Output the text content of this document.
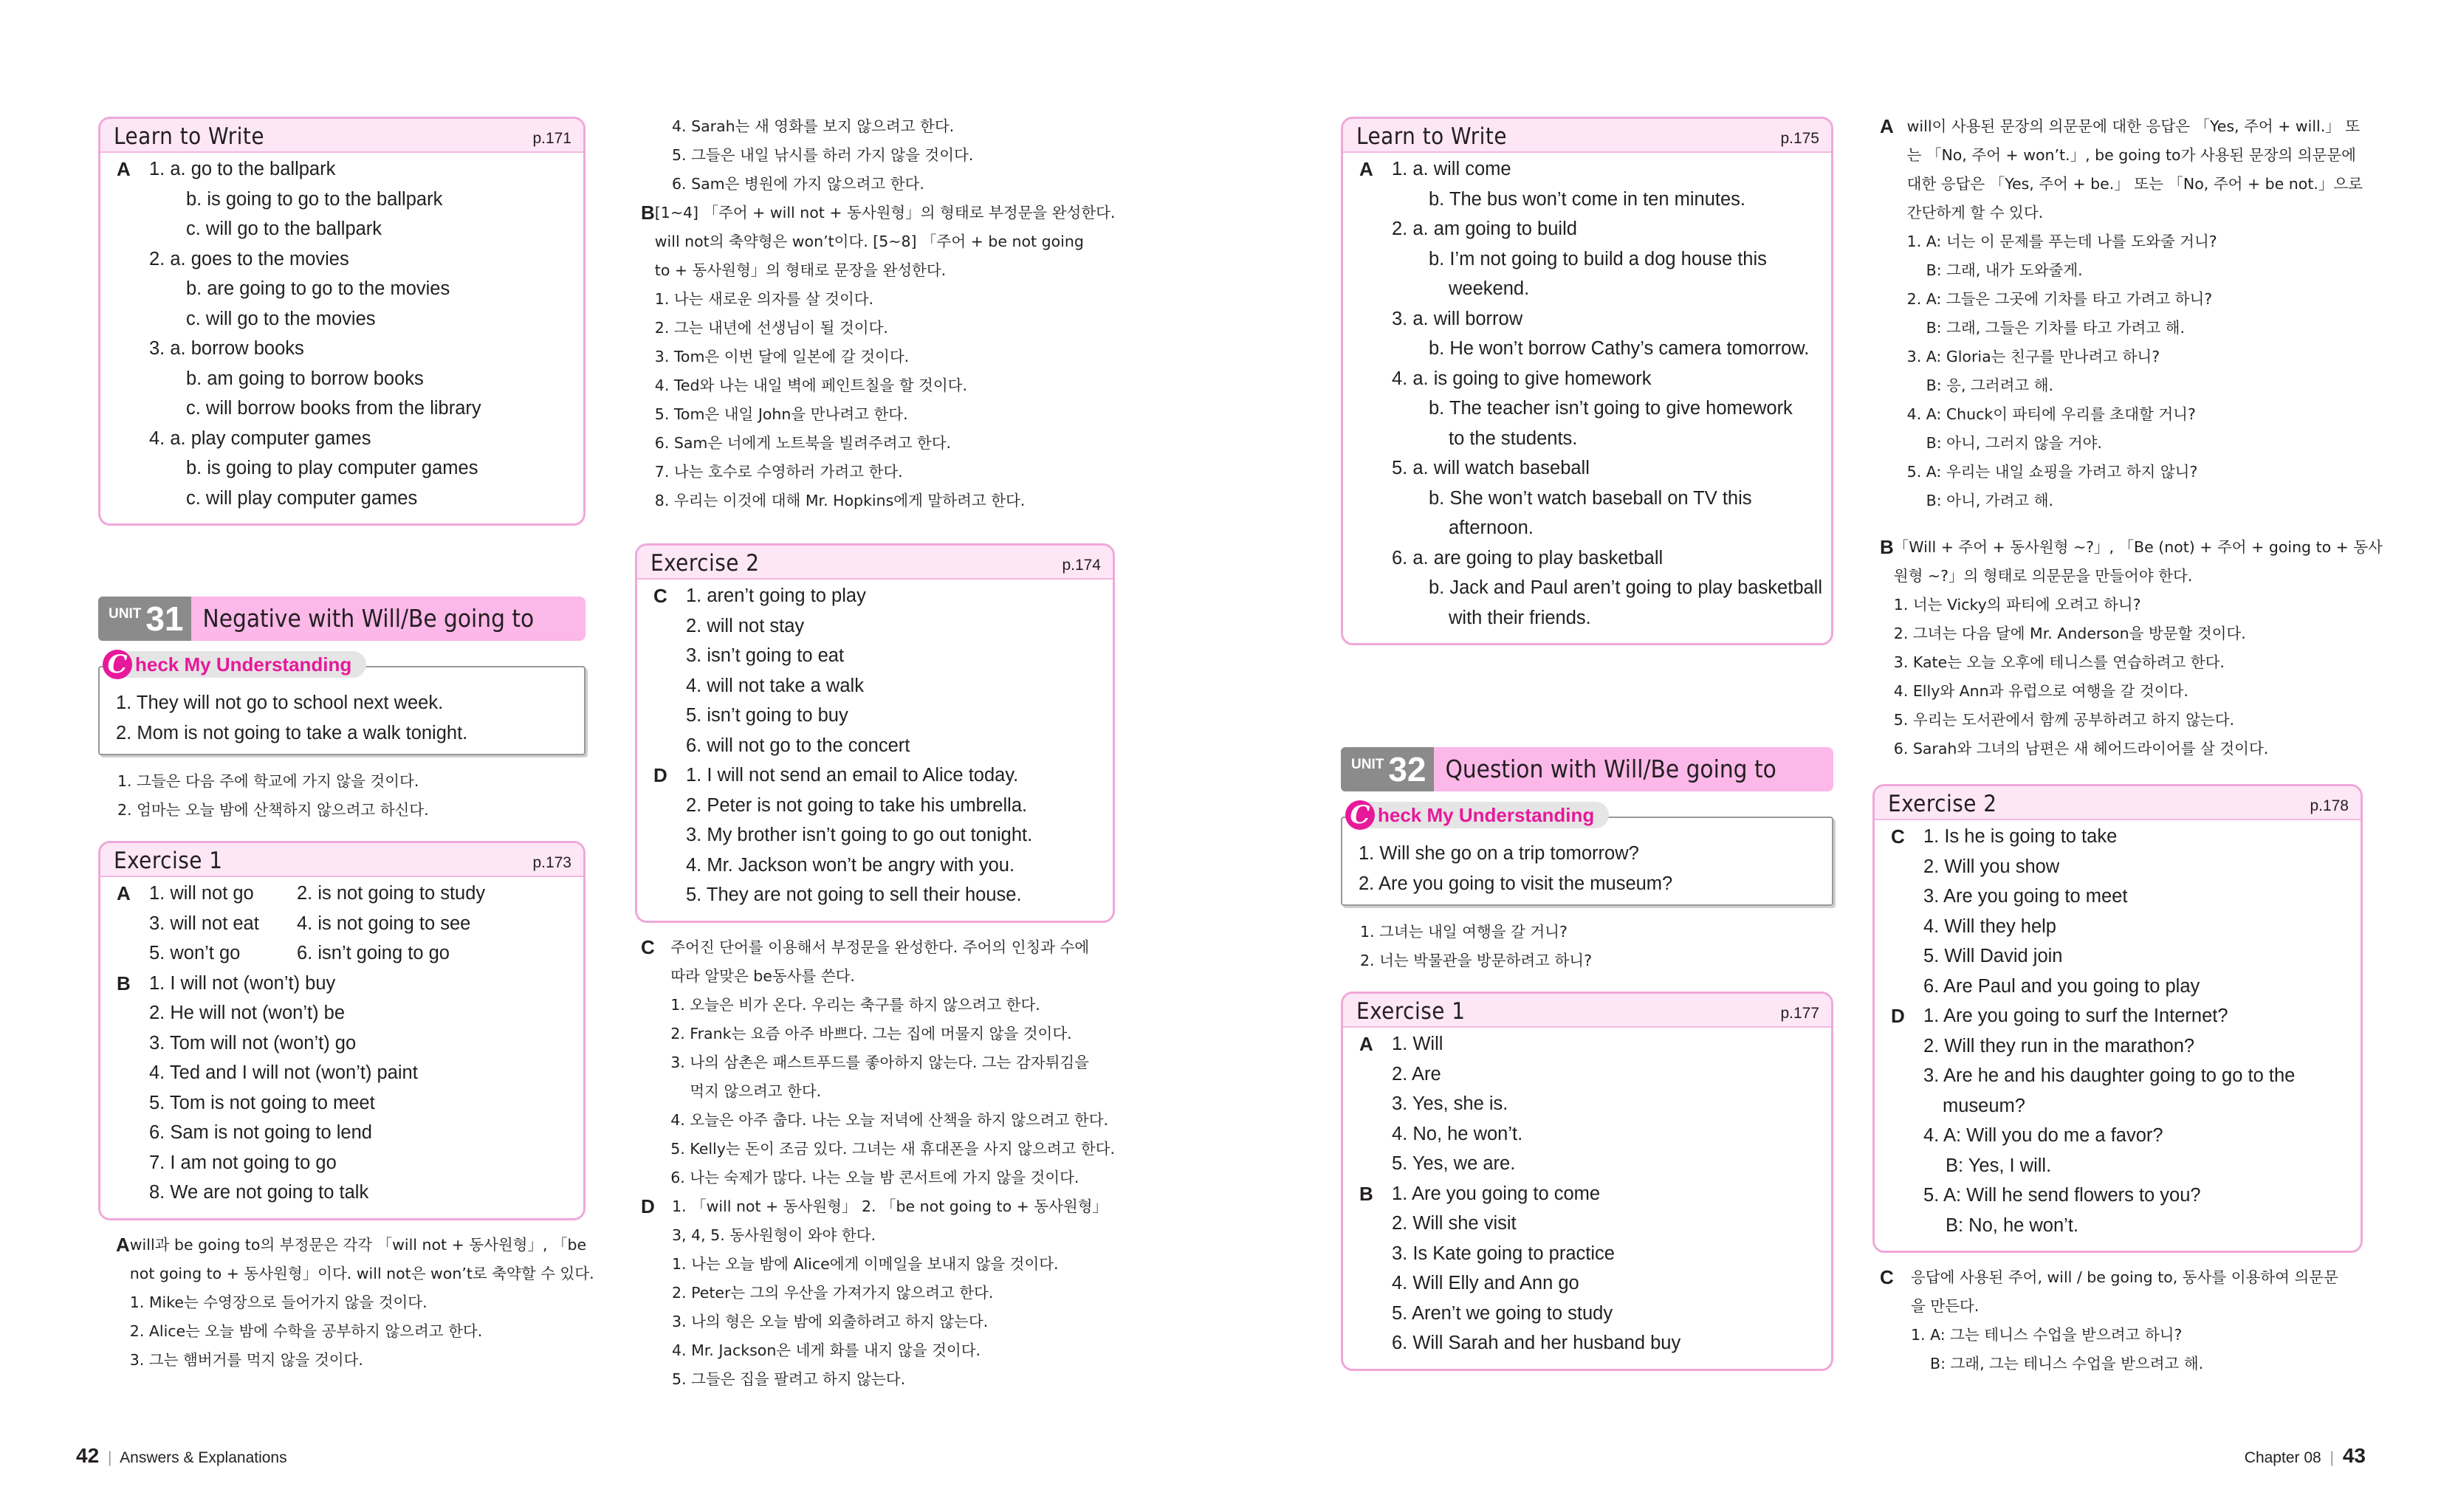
Learn to Write	p.171
A 1. a. go to the ballpark
b. is going to go to the ballpark
c. will go to the ballpark
2. a. goes to the movies
b. are going to go to the movies
c. will go to the movies
3. a. borrow books
b. am going to borrow books
c. will borrow books from the library
4. a. play computer games
b. is going to play computer games
c. will play computer games
UNIT 31 Negative with Will/Be going to
C heck My Understanding
1. They will not go to school next week.
2. Mom is not going to take a walk tonight.
1. 그들은 다음 주에 학교에 가지 않을 것이다.
2. 엄마는 오늘 밤에 산책하지 않으려고 하신다.
Exercise 1	p.173
A 1. will not go	2. is not going to study
3. will not eat	4. is not going to see
5. won’t go	6. isn’t going to go
B 1. I will not (won’t) buy
2. He will not (won’t) be
3. Tom will not (won’t) go
4. Ted and I will not (won’t) paint
5. Tom is not going to meet
6. Sam is not going to lend
7. I am not going to go
8. We are not going to talk
A will과 be going to의 부정문은 각각 「will not + 동사원형」, 「be
not going to + 동사원형」이다. will not은 won’t로 축약할 수 있다.
1. Mike는 수영장으로 들어가지 않을 것이다.
2. Alice는 오늘 밤에 수학을 공부하지 않으려고 한다.
3. 그는 햄버거를 먹지 않을 것이다.
4. Sarah는 새 영화를 보지 않으려고 한다.
5. 그들은 내일 낚시를 하러 가지 않을 것이다.
6. Sam은 병원에 가지 않으려고 한다.
B [1~4] 「주어 + will not + 동사원형」의 형태로 부정문을 완성한다.
will not의 축약형은 won’t이다. [5~8] 「주어 + be not going
to + 동사원형」의 형태로 문장을 완성한다.
1. 나는 새로운 의자를 살 것이다.
2. 그는 내년에 선생님이 될 것이다.
3. Tom은 이번 달에 일본에 갈 것이다.
4. Ted와 나는 내일 벽에 페인트칠을 할 것이다.
5. Tom은 내일 John을 만나려고 한다.
6. Sam은 너에게 노트북을 빌려주려고 한다.
7. 나는 호수로 수영하러 가려고 한다.
8. 우리는 이것에 대해 Mr. Hopkins에게 말하려고 한다.
Exercise 2	p.174
C 1. aren’t going to play
2. will not stay
3. isn’t going to eat
4. will not take a walk
5. isn’t going to buy
6. will not go to the concert
D 1. I will not send an email to Alice today.
2. Peter is not going to take his umbrella.
3. My brother isn’t going to go out tonight.
4. Mr. Jackson won’t be angry with you.
5. They are not going to sell their house.
C	주어진 단어를 이용해서 부정문을 완성한다. 주어의 인칭과 수에
따라 알맞은 be동사를 쓴다.
1. 오늘은 비가 온다. 우리는 축구를 하지 않으려고 한다.
2. Frank는 요즘 아주 바쁘다. 그는 집에 머물지 않을 것이다.
3. 나의 삼촌은 패스트푸드를 좋아하지 않는다. 그는 감자튀김을
먹지 않으려고 한다.
4. 오늘은 아주 춥다. 나는 오늘 저녁에 산책을 하지 않으려고 한다.
5. Kelly는 돈이 조금 있다. 그녀는 새 휴대폰을 사지 않으려고 한다.
6. 나는 숙제가 많다. 나는 오늘 밤 콘서트에 가지 않을 것이다.
D	1. 「will not + 동사원형」 2. 「be not going to + 동사원형」
3, 4, 5. 동사원형이 와야 한다.
1. 나는 오늘 밤에 Alice에게 이메일을 보내지 않을 것이다.
2. Peter는 그의 우산을 가져가지 않으려고 한다.
3. 나의 형은 오늘 밤에 외출하려고 하지 않는다.
4. Mr. Jackson은 네게 화를 내지 않을 것이다.
5. 그들은 집을 팔려고 하지 않는다.
Learn to Write	p.175
A 1. a. will come
b. The bus won’t come in ten minutes.
2. a. am going to build
b. I’m not going to build a dog house this
weekend.
3. a. will borrow
b. He won’t borrow Cathy’s camera tomorrow.
4. a. is going to give homework
b. The teacher isn’t going to give homework
to the students.
5. a. will watch baseball
b. She won’t watch baseball on TV this
afternoon.
6. a. are going to play basketball
b. Jack and Paul aren’t going to play basketball
with their friends.
UNIT 32 Question with Will/Be going to
C heck My Understanding
1. Will she go on a trip tomorrow?
2. Are you going to visit the museum?
1. 그녀는 내일 여행을 갈 거니?
2. 너는 박물관을 방문하려고 하니?
Exercise 1	p.177
A 1. Will
2. Are
3. Yes, she is.
4. No, he won’t.
5. Yes, we are.
B 1. Are you going to come
2. Will she visit
3. Is Kate going to practice
4. Will Elly and Ann go
5. Aren’t we going to study
6. Will Sarah and her husband buy
A will이 사용된 문장의 의문문에 대한 응답은 「Yes, 주어 + will.」 또
는 「No, 주어 + won’t.」, be going to가 사용된 문장의 의문문에
대한 응답은 「Yes, 주어 + be.」 또는 「No, 주어 + be not.」으로
간단하게 할 수 있다.
1. A: 너는 이 문제를 푸는데 나를 도와줄 거니?
B: 그래, 내가 도와줄게.
2. A: 그들은 그곳에 기차를 타고 가려고 하니?
B: 그래, 그들은 기차를 타고 가려고 해.
3. A: Gloria는 친구를 만나려고 하니?
B: 응, 그러려고 해.
4. A: Chuck이 파티에 우리를 초대할 거니?
B: 아니, 그러지 않을 거야.
5. A: 우리는 내일 쇼핑을 가려고 하지 않니?
B: 아니, 가려고 해.
B 「Will + 주어 + 동사원형 ~?」, 「Be (not) + 주어 + going to + 동사
원형 ~?」의 형태로 의문문을 만들어야 한다.
1. 너는 Vicky의 파티에 오려고 하니?
2. 그녀는 다음 달에 Mr. Anderson을 방문할 것이다.
3. Kate는 오늘 오후에 테니스를 연습하려고 한다.
4. Elly와 Ann과 유럽으로 여행을 갈 것이다.
5. 우리는 도서관에서 함께 공부하려고 하지 않는다.
6. Sarah와 그녀의 남편은 새 헤어드라이어를 살 것이다.
Exercise 2	p.178
C 1. Is he is going to take
2. Will you show
3. Are you going to meet
4. Will they help
5. Will David join
6. Are Paul and you going to play
D 1. Are you going to surf the Internet?
2. Will they run in the marathon?
3. Are he and his daughter going to go to the
museum?
4. A: Will you do me a favor?
B: Yes, I will.
5. A: Will he send flowers to you?
B: No, he won’t.
C	응답에 사용된 주어, will / be going to, 동사를 이용하여 의문문
을 만든다.
1. A: 그는 테니스 수업을 받으려고 하니?
B: 그래, 그는 테니스 수업을 받으려고 해.
42 | Answers & Explanations	Chapter 08 | 43
